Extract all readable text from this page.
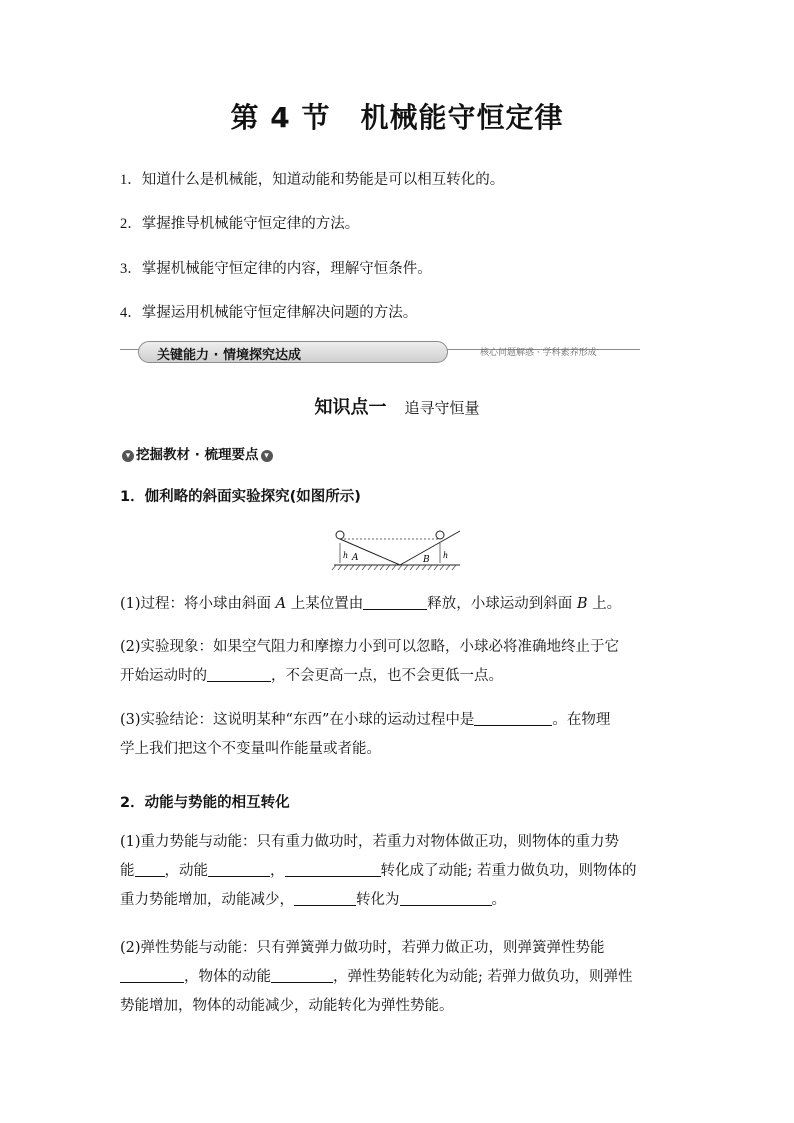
第 4 节 机械能守恒定律
1．知道什么是机械能，知道动能和势能是可以相互转化的。
2．掌握推导机械能守恒定律的方法。
3．掌握机械能守恒定律的内容，理解守恒条件。
4．掌握运用机械能守恒定律解决问题的方法。
关键能力 · 情境探究达成	核心问题解惑 · 学科素养形成
知识点一 追寻守恒量
▾ 挖掘教材 · 梳理要点 ▾
1．伽利略的斜面实验探究(如图所示)
h	h
A	B
(1)过程：将小球由斜面 A 上某位置由	释放，小球运动到斜面 B 上。
(2)实验现象：如果空气阻力和摩擦力小到可以忽略，小球必将准确地终止于它
开始运动时的	，不会更高一点，也不会更低一点。
(3)实验结论：这说明某种“东西”在小球的运动过程中是	。在物理
学上我们把这个不变量叫作能量或者能。
2．动能与势能的相互转化
(1)重力势能与动能：只有重力做功时，若重力对物体做正功，则物体的重力势
能 ，动能	，	转化成了动能; 若重力做负功，则物体的
重力势能增加，动能减少，	转化为	。
(2)弹性势能与动能：只有弹簧弹力做功时，若弹力做正功，则弹簧弹性势能
，物体的动能	，弹性势能转化为动能; 若弹力做负功，则弹性
势能增加，物体的动能减少，动能转化为弹性势能。
